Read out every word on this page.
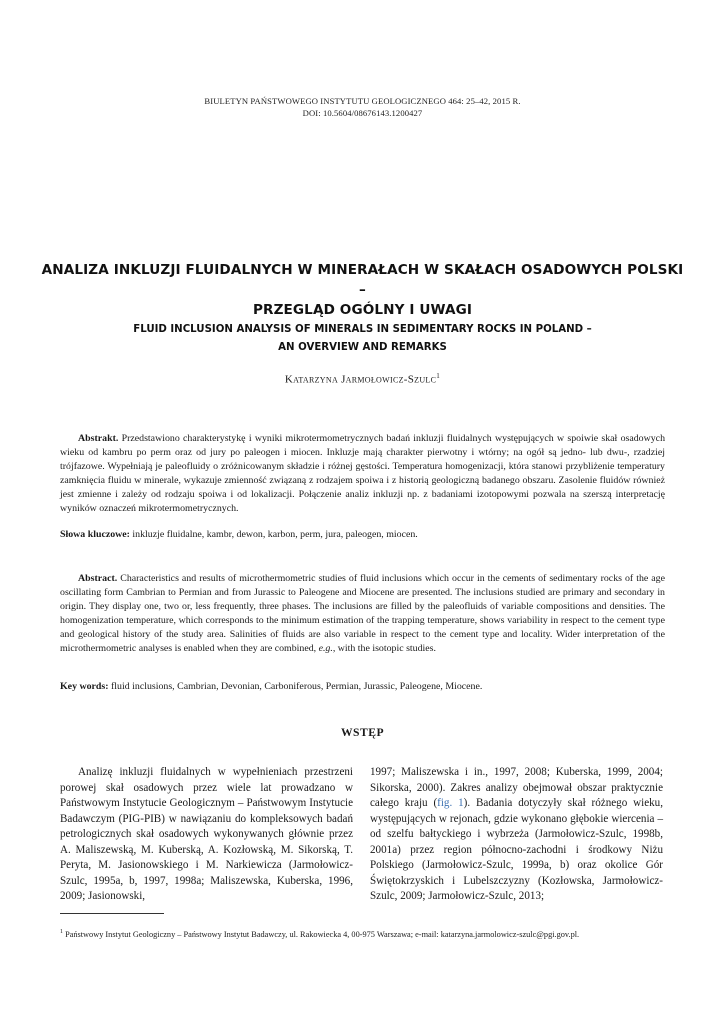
BIULETYN PAŃSTWOWEGO INSTYTUTU GEOLOGICZNEGO 464: 25–42, 2015 R.
DOI: 10.5604/08676143.1200427
ANALIZA INKLUZJI FLUIDALNYCH W MINERAŁACH W SKAŁACH OSADOWYCH POLSKI –
PRZEGLĄD OGÓLNY I UWAGI
FLUID INCLUSION ANALYSIS OF MINERALS IN SEDIMENTARY ROCKS IN POLAND –
AN OVERVIEW AND REMARKS
Katarzyna Jarmołowicz-Szulc$^1$
Abstrakt. Przedstawiono charakterystykę i wyniki mikrotermometrycznych badań inkluzji fluidalnych występujących w spoiwie skał osadowych wieku od kambru po perm oraz od jury po paleogen i miocen. Inkluzje mają charakter pierwotny i wtórny; na ogół są jedno- lub dwu-, rzadziej trójfazowe. Wypełniają je paleofluidy o zróżnicowanym składzie i różnej gęstości. Temperatura homogenizacji, która stanowi przybliżenie temperatury zamknięcia fluidu w minerale, wykazuje zmienność związaną z rodzajem spoiwa i z historią geologiczną badanego obszaru. Zasolenie fluidów również jest zmienne i zależy od rodzaju spoiwa i od lokalizacji. Połączenie analiz inkluzji np. z badaniami izotopowymi pozwala na szerszą interpretację wyników oznaczeń mikrotermometrycznych.
Słowa kluczowe: inkluzje fluidalne, kambr, dewon, karbon, perm, jura, paleogen, miocen.
Abstract. Characteristics and results of microthermometric studies of fluid inclusions which occur in the cements of sedimentary rocks of the age oscillating form Cambrian to Permian and from Jurassic to Paleogene and Miocene are presented. The inclusions studied are primary and secondary in origin. They display one, two or, less frequently, three phases. The inclusions are filled by the paleofluids of variable compositions and densities. The homogenization temperature, which corresponds to the minimum estimation of the trapping temperature, shows variability in respect to the cement type and geological history of the study area. Salinities of fluids are also variable in respect to the cement type and locality. Wider interpretation of the microthermometric analyses is enabled when they are combined, e.g., with the isotopic studies.
Key words: fluid inclusions, Cambrian, Devonian, Carboniferous, Permian, Jurassic, Paleogene, Miocene.
WSTĘP

Analizę inkluzji fluidalnych w wypełnieniach przestrzeni porowej skał osadowych przez wiele lat prowadzano w Państwowym Instytucie Geologicznym – Państwowym Instytucie Badawczym (PIG-PIB) w nawiązaniu do kompleksowych badań petrologicznych skał osadowych wykonywanych głównie przez A. Maliszewską, M. Kuberską, A. Kozłowską, M. Sikorską, T. Peryta, M. Jasionowskiego i M. Narkiewicza (Jarmołowicz-Szulc, 1995a, b, 1997, 1998a; Maliszewska, Kuberska, 1996, 2009; Jasionowski,

1997; Maliszewska i in., 1997, 2008; Kuberska, 1999, 2004; Sikorska, 2000). Zakres analizy obejmował obszar praktycznie całego kraju (fig. 1). Badania dotyczyły skał różnego wieku, występujących w rejonach, gdzie wykonano głębokie wiercenia – od szelfu bałtyckiego i wybrzeża (Jarmołowicz-Szulc, 1998b, 2001a) przez region północno-zachodni i środkowy Niżu Polskiego (Jarmołowicz-Szulc, 1999a, b) oraz okolice Gór Świętokrzyskich i Lubelszczyzny (Kozłowska, Jarmołowicz-Szulc, 2009; Jarmołowicz-Szulc, 2013;

$^1$ Państwowy Instytut Geologiczny – Państwowy Instytut Badawczy, ul. Rakowiecka 4, 00-975 Warszawa; e-mail: katarzyna.jarmolowicz-szulc@pgi.gov.pl.
